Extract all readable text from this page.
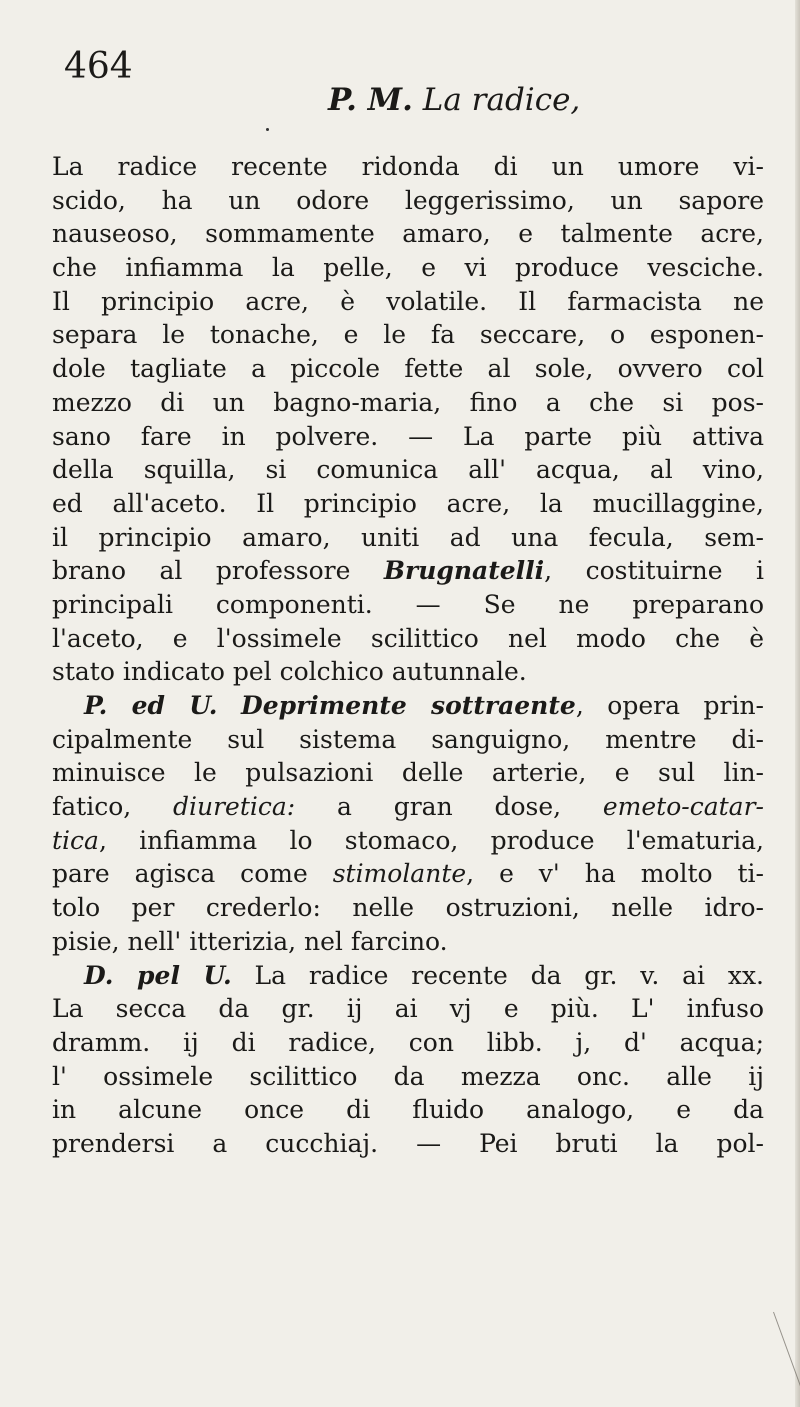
464

P. M. La radice,

La radice recente ridonda di un umore vi-
scido, ha un odore leggerissimo, un sapore
nauseoso, sommamente amaro, e talmente acre,
che infiamma la pelle, e vi produce vesciche.
Il principio acre, è volatile. Il farmacista ne
separa le tonache, e le fa seccare, o esponen-
dole tagliate a piccole fette al sole, ovvero col
mezzo di un bagno-maria, fino a che si pos-
sano fare in polvere. — La parte più attiva
della squilla, si comunica all' acqua, al vino,
ed all'aceto. Il principio acre, la mucillaggine,
il principio amaro, uniti ad una fecula, sem-
brano al professore Brugnatelli, costituirne i
principali componenti. — Se ne preparano
l'aceto, e l'ossimele scilittico nel modo che è
stato indicato pel colchico autunnale.
P. ed U. Deprimente sottraente, opera prin-
cipalmente sul sistema sanguigno, mentre di-
minuisce le pulsazioni delle arterie, e sul lin-
fatico, diuretica: a gran dose, emeto-catar-
tica, infiamma lo stomaco, produce l'ematuria,
pare agisca come stimolante, e v' ha molto ti-
tolo per crederlo: nelle ostruzioni, nelle idro-
pisie, nell' itterizia, nel farcino.
D. pel U. La radice recente da gr. v. ai xx.
La secca da gr. ij ai vj e più. L' infuso
dramm. ij di radice, con libb. j, d' acqua;
l' ossimele scilittico da mezza onc. alle ij
in alcune once di fluido analogo, e da
prendersi a cucchiaj. — Pei bruti la pol-
